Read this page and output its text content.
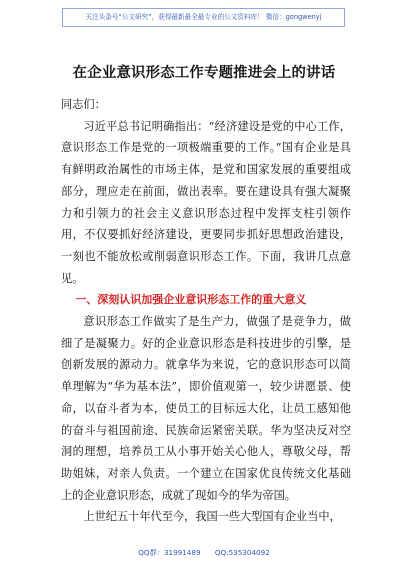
关注头条号“公文研究”，获得最新最全最专业的公文资料库！ 微信：gongwenyj
在企业意识形态工作专题推进会上的讲话

同志们：

习近平总书记明确指出：“经济建设是党的中心工作，意识形态工作是党的一项极端重要的工作。”国有企业是具有鲜明政治属性的市场主体，是党和国家发展的重要组成部分，理应走在前面，做出表率。要在建设具有强大凝聚力和引领力的社会主义意识形态过程中发挥支柱引领作用，不仅要抓好经济建设，更要同步抓好思想政治建设，一刻也不能放松或削弱意识形态工作。下面，我讲几点意见。

一、深刻认识加强企业意识形态工作的重大意义

意识形态工作做实了是生产力，做强了是竞争力，做细了是凝聚力。好的企业意识形态是科技进步的引擎，是创新发展的源动力。就拿华为来说，它的意识形态可以简单理解为“华为基本法”，即价值观第一，较少讲愿景、使命，以奋斗者为本，使员工的目标远大化，让员工感知他的奋斗与祖国前途、民族命运紧密关联。华为坚决反对空洞的理想，培养员工从小事开始关心他人，尊敬父母，帮助姐妹，对亲人负责。一个建立在国家优良传统文化基础上的企业意识形态，成就了现如今的华为帝国。

上世纪五十年代至今，我国一些大型国有企业当中，

QQ群：31991489 QQ:535304092
